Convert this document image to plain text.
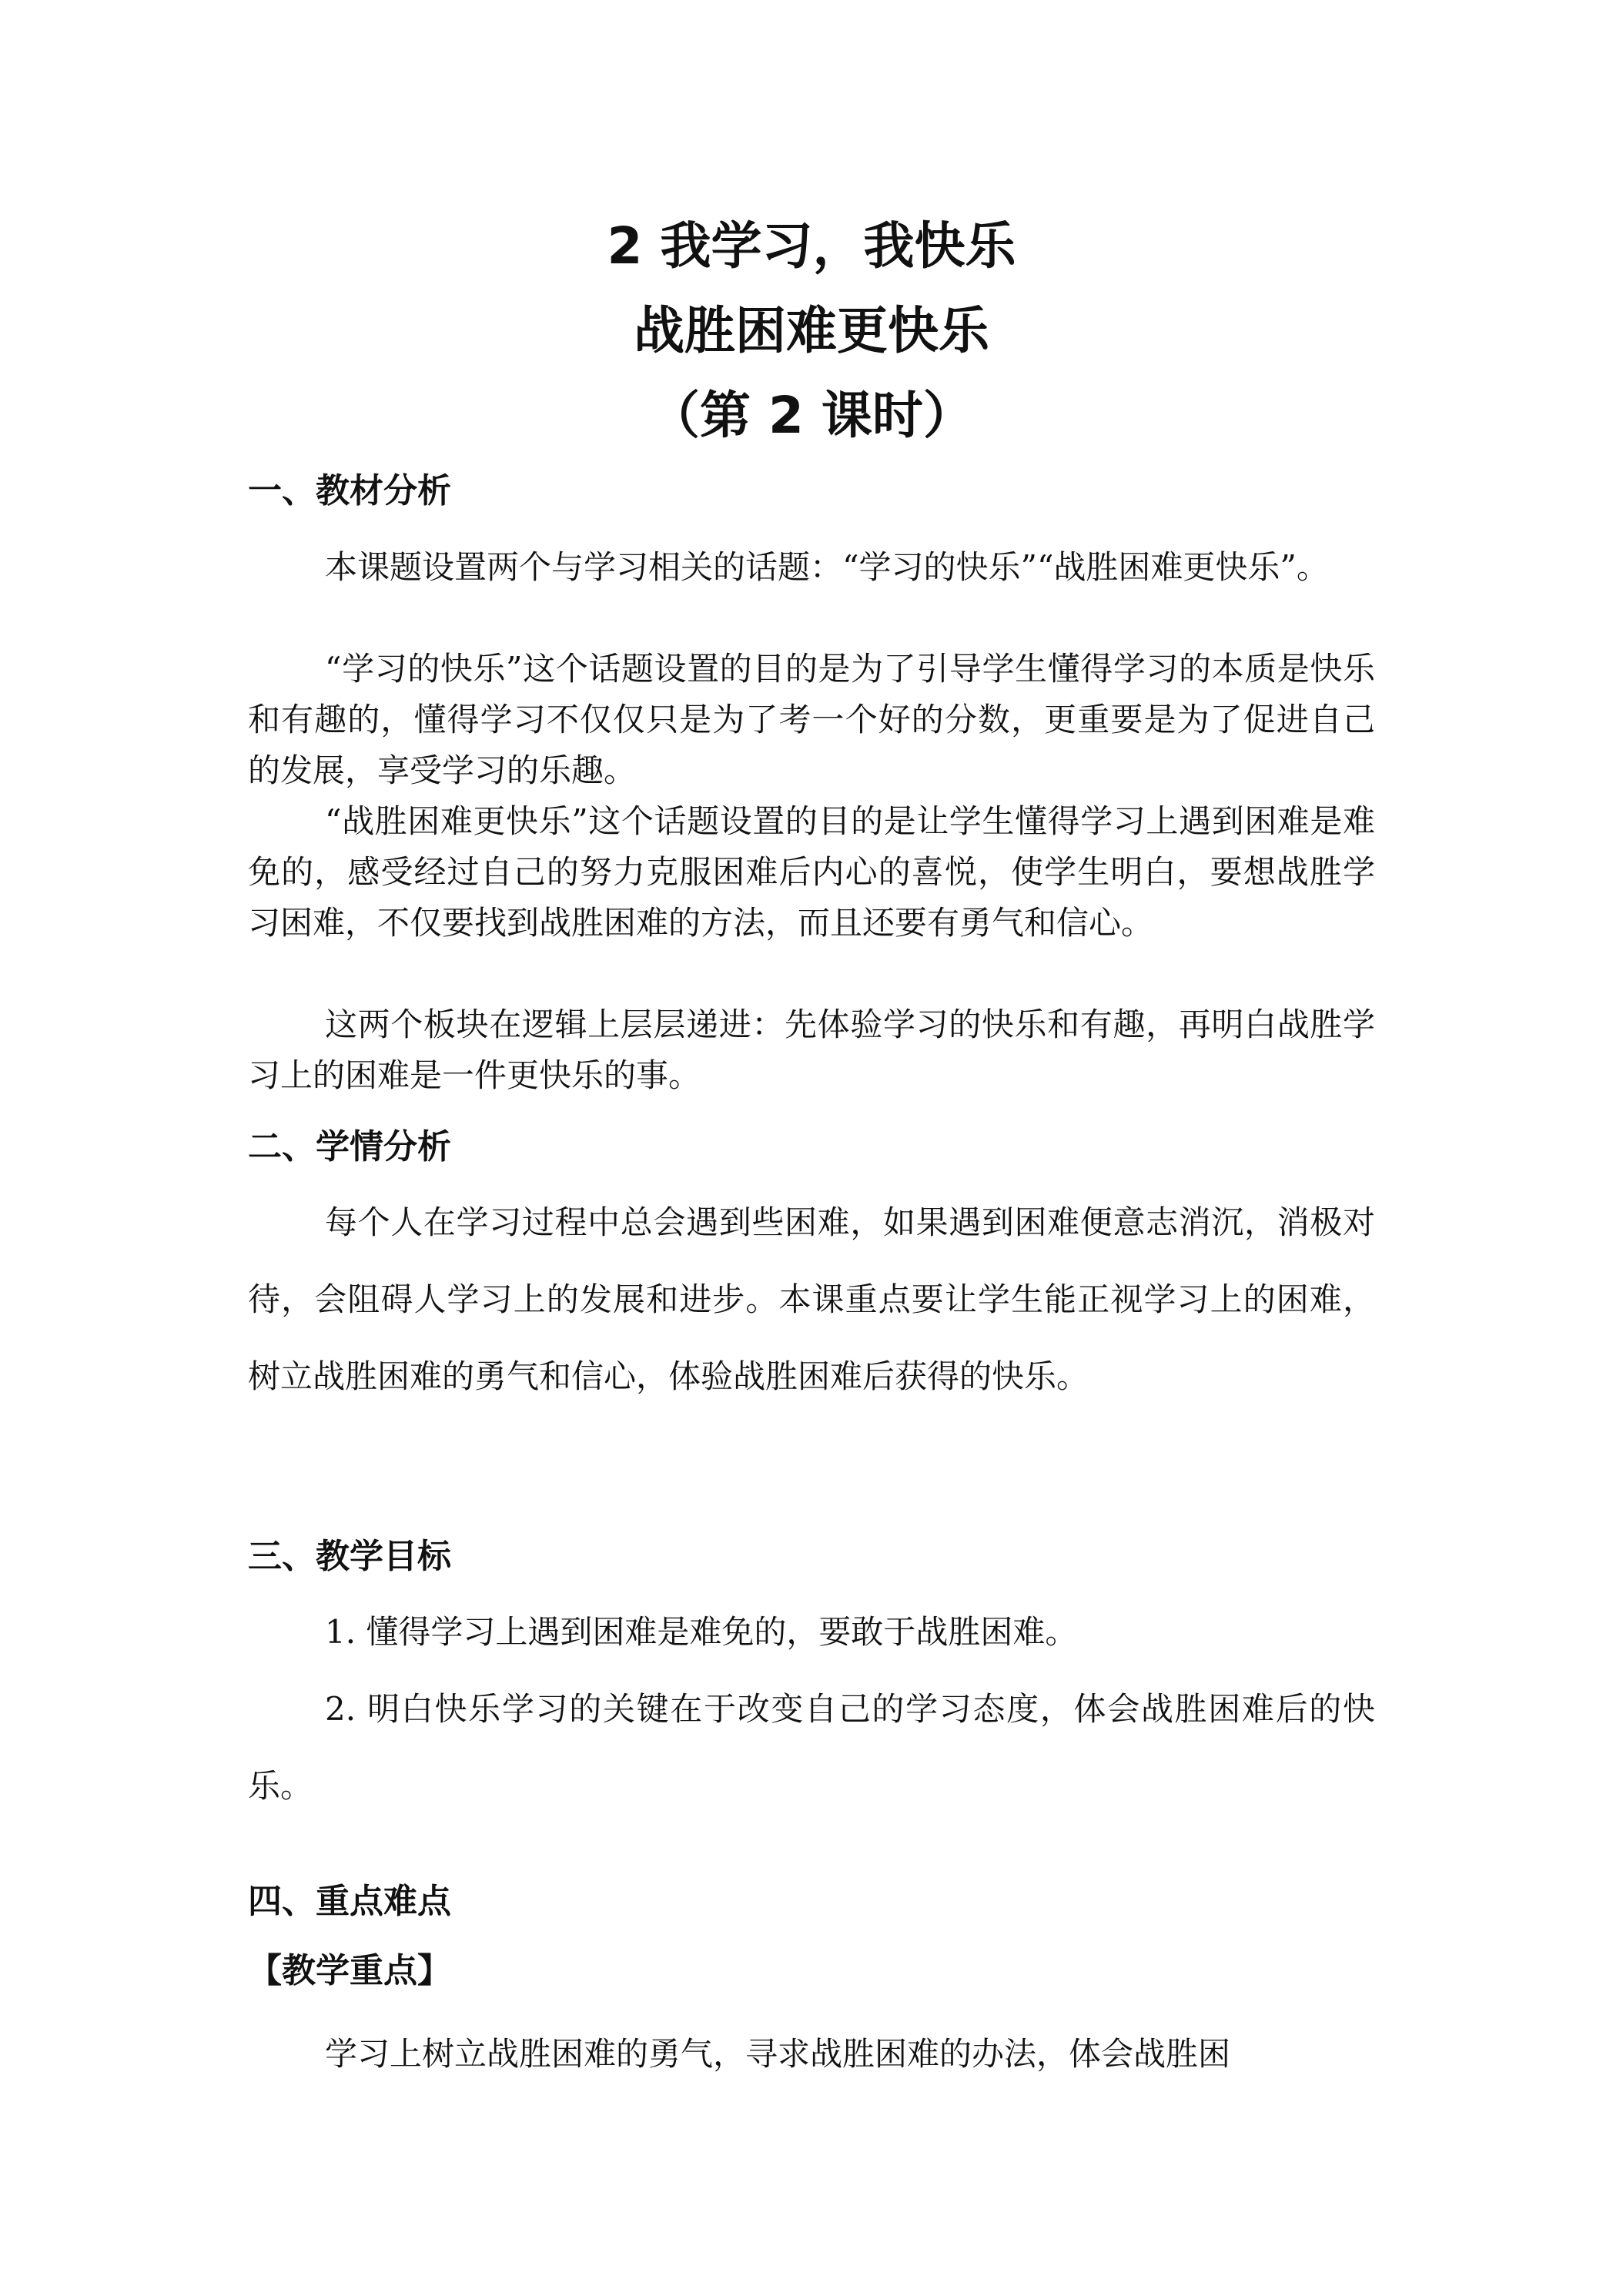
2 我学习，我快乐
战胜困难更快乐
（第 2 课时）
一、教材分析

本课题设置两个与学习相关的话题：“学习的快乐”“战胜困难更快乐”。

“学习的快乐”这个话题设置的目的是为了引导学生懂得学习的本质是快乐和有趣的，懂得学习不仅仅只是为了考一个好的分数，更重要是为了促进自己的发展，享受学习的乐趣。

“战胜困难更快乐”这个话题设置的目的是让学生懂得学习上遇到困难是难免的，感受经过自己的努力克服困难后内心的喜悦，使学生明白，要想战胜学习困难，不仅要找到战胜困难的方法，而且还要有勇气和信心。

这两个板块在逻辑上层层递进：先体验学习的快乐和有趣，再明白战胜学习上的困难是一件更快乐的事。

二、学情分析

每个人在学习过程中总会遇到些困难，如果遇到困难便意志消沉，消极对待，会阻碍人学习上的发展和进步。本课重点要让学生能正视学习上的困难，树立战胜困难的勇气和信心，体验战胜困难后获得的快乐。

三、教学目标

1. 懂得学习上遇到困难是难免的，要敢于战胜困难。

2. 明白快乐学习的关键在于改变自己的学习态度，体会战胜困难后的快乐。

四、重点难点
【教学重点】

学习上树立战胜困难的勇气，寻求战胜困难的办法，体会战胜困
